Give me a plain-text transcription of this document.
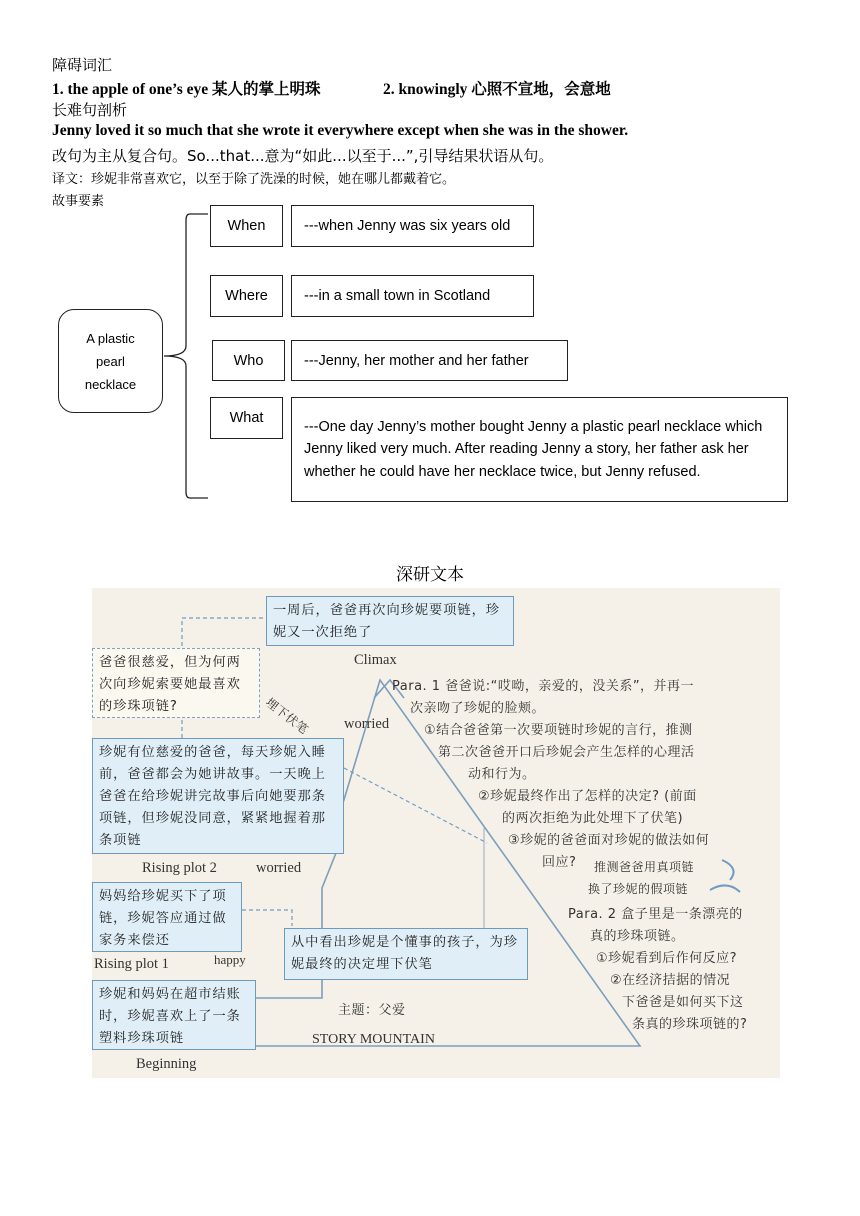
障碍词汇
1. the apple of one’s eye 某人的掌上明珠	2. knowingly 心照不宣地，会意地
长难句剖析
Jenny loved it so much that she wrote it everywhere except when she was in the shower.
改句为主从复合句。So...that...意为“如此...以至于...”,引导结果状语从句。
译文：珍妮非常喜欢它，以至于除了洗澡的时候，她在哪儿都戴着它。
故事要素
A plastic
pearl
necklace
When	---when Jenny was six years old
Where	---in a small town in Scotland
Who	---Jenny, her mother and her father
What
---One day Jenny’s mother bought Jenny a plastic pearl necklace which Jenny liked very much. After reading Jenny a story, her father ask her whether he could have her necklace twice, but Jenny refused.
深研文本
一周后，爸爸再次向珍妮要项链，珍妮又一次拒绝了
爸爸很慈爱，但为何两次向珍妮索要她最喜欢的珍珠项链?
珍妮有位慈爱的爸爸，每天珍妮入睡前，爸爸都会为她讲故事。一天晚上爸爸在给珍妮讲完故事后向她要那条项链，但珍妮没同意，紧紧地握着那条项链
妈妈给珍妮买下了项链，珍妮答应通过做家务来偿还
珍妮和妈妈在超市结账时，珍妮喜欢上了一条塑料珍珠项链
从中看出珍妮是个懂事的孩子，为珍妮最终的决定埋下伏笔
Climax
worried
Rising plot 2	worried
Rising plot 1	happy
Beginning
埋下伏笔
主题：父爱
STORY MOUNTAIN
Para. 1 爸爸说:“哎呦，亲爱的，没关系”，并再一
次亲吻了珍妮的脸颊。
①结合爸爸第一次要项链时珍妮的言行，推测
第二次爸爸开口后珍妮会产生怎样的心理活
动和行为。
②珍妮最终作出了怎样的决定? (前面
的两次拒绝为此处埋下了伏笔)
③珍妮的爸爸面对珍妮的做法如何
回应?	推测爸爸用真项链
换了珍妮的假项链
Para. 2 盒子里是一条漂亮的
真的珍珠项链。
①珍妮看到后作何反应?
②在经济拮据的情况
下爸爸是如何买下这
条真的珍珠项链的?
